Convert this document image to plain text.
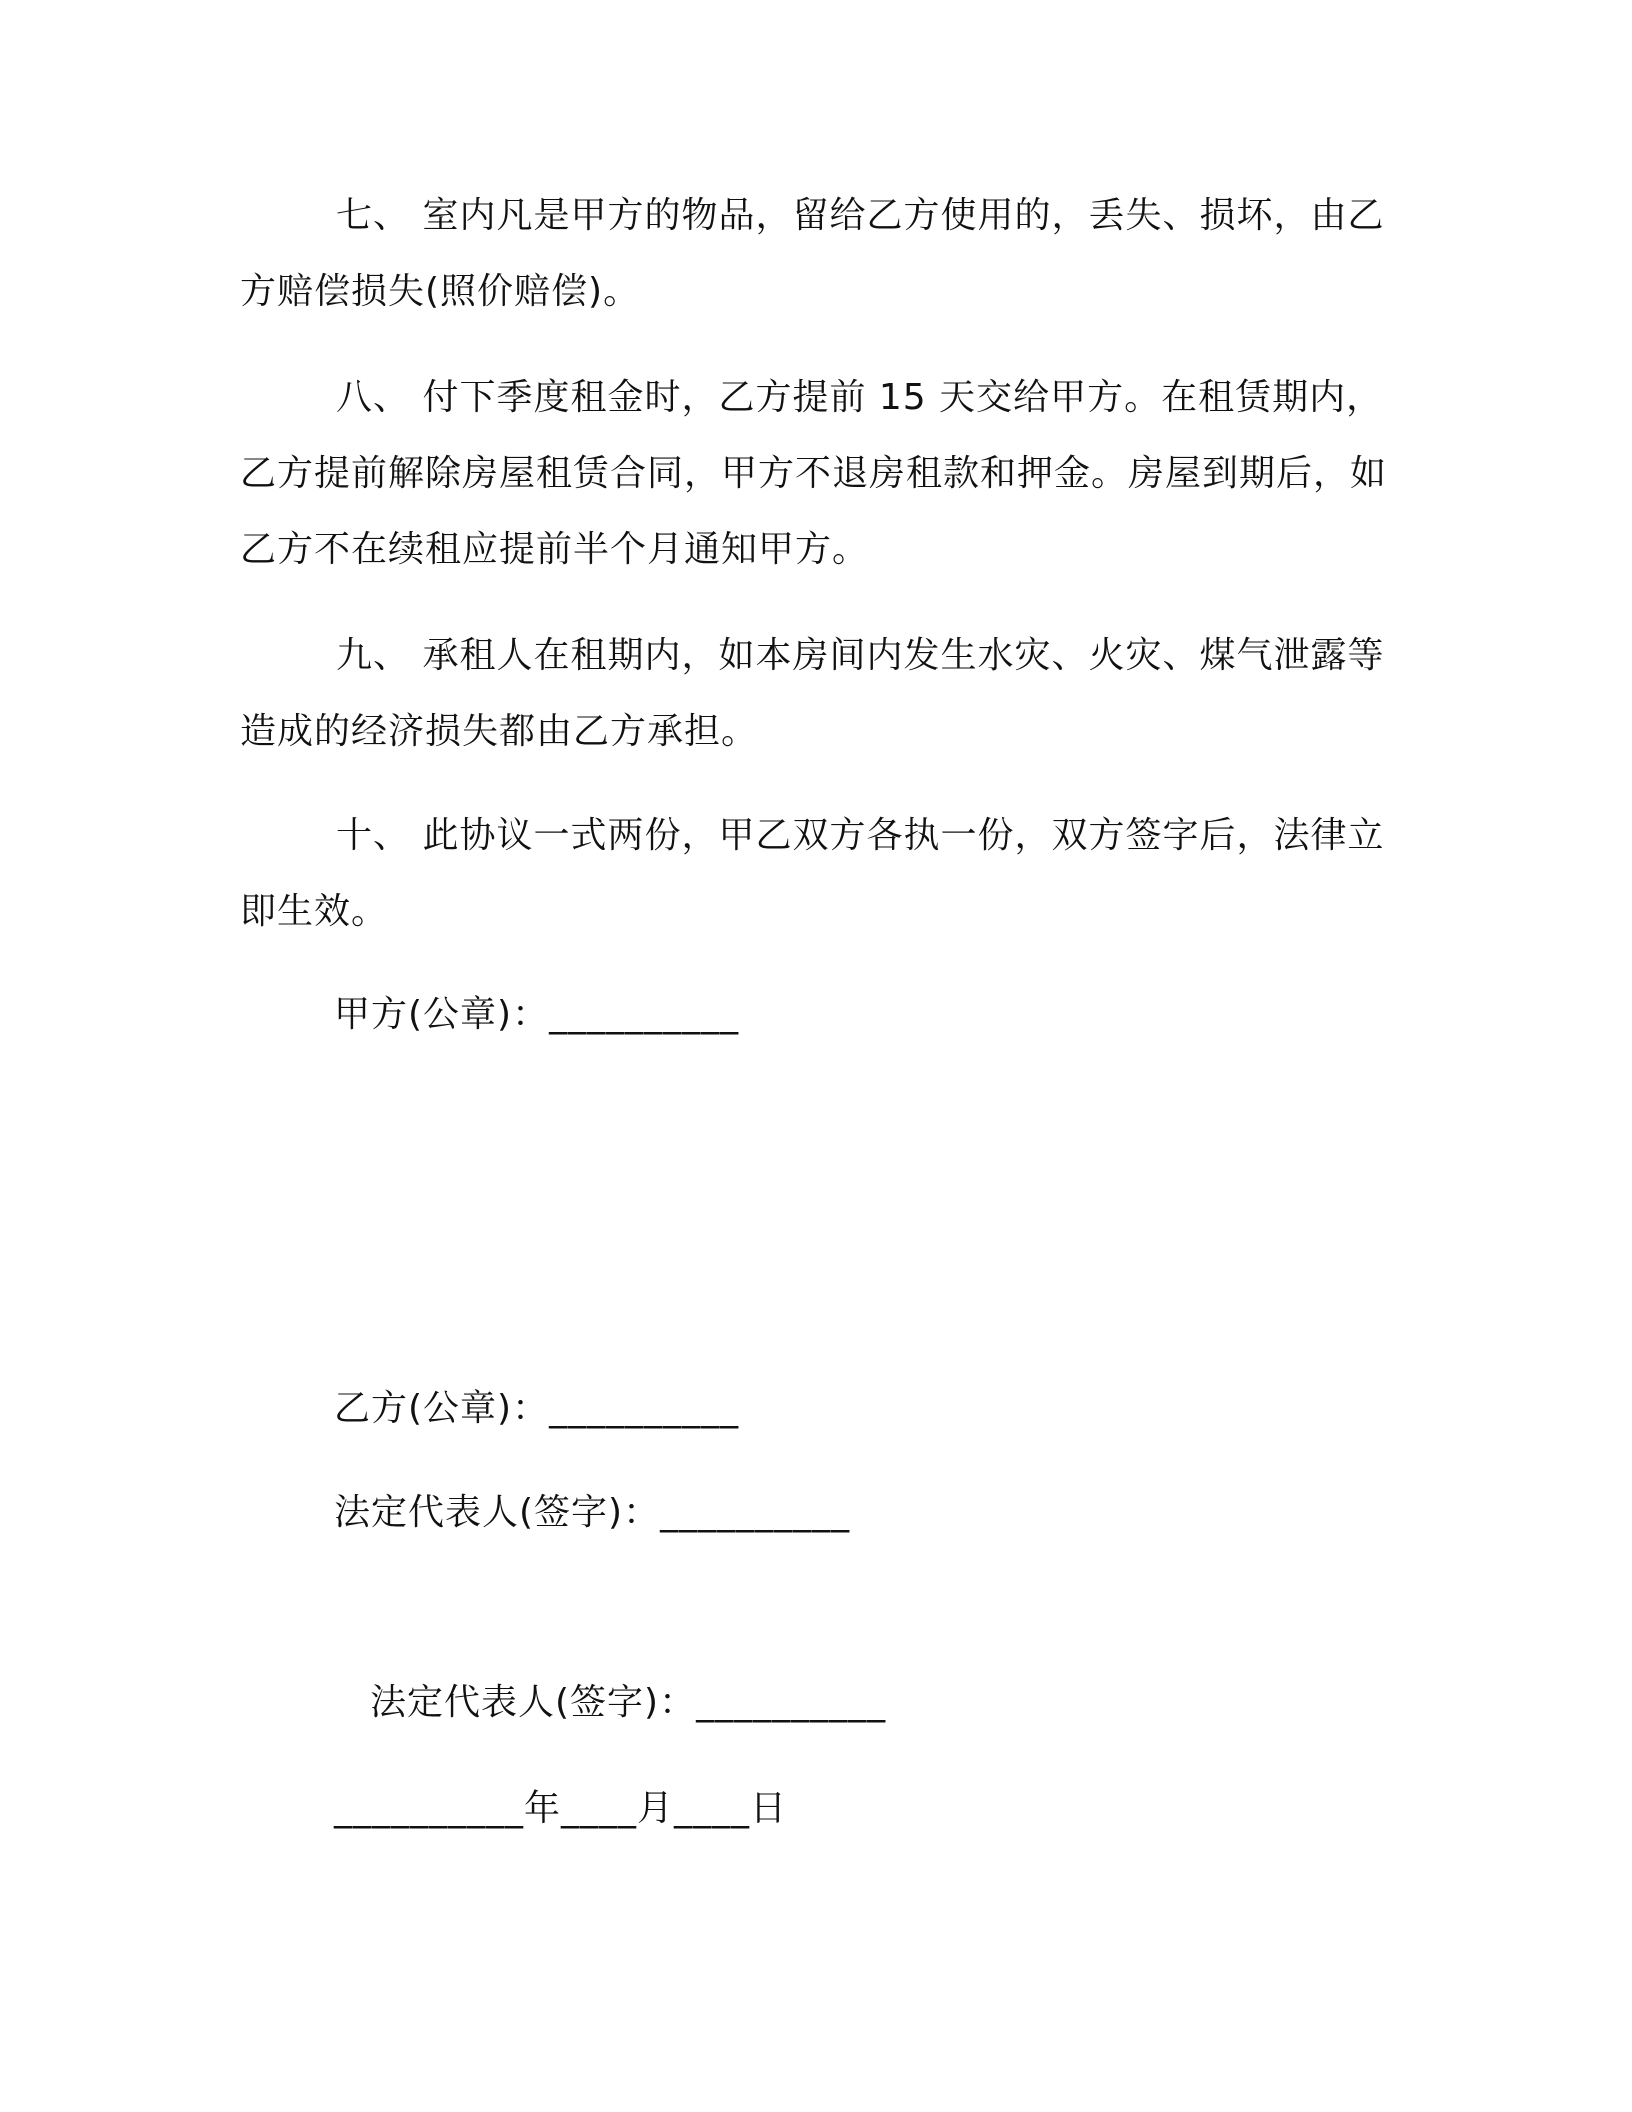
七、 室内凡是甲方的物品，留给乙方使用的，丢失、损坏，由乙方赔偿损失(照价赔偿)。

八、 付下季度租金时，乙方提前 15 天交给甲方。在租赁期内，乙方提前解除房屋租赁合同，甲方不退房租款和押金。房屋到期后，如乙方不在续租应提前半个月通知甲方。

九、 承租人在租期内，如本房间内发生水灾、火灾、煤气泄露等造成的经济损失都由乙方承担。

十、 此协议一式两份，甲乙双方各执一份，双方签字后，法律立即生效。

甲方(公章)：__________

乙方(公章)：__________

法定代表人(签字)：__________

法定代表人(签字)：__________

__________年____月____日
